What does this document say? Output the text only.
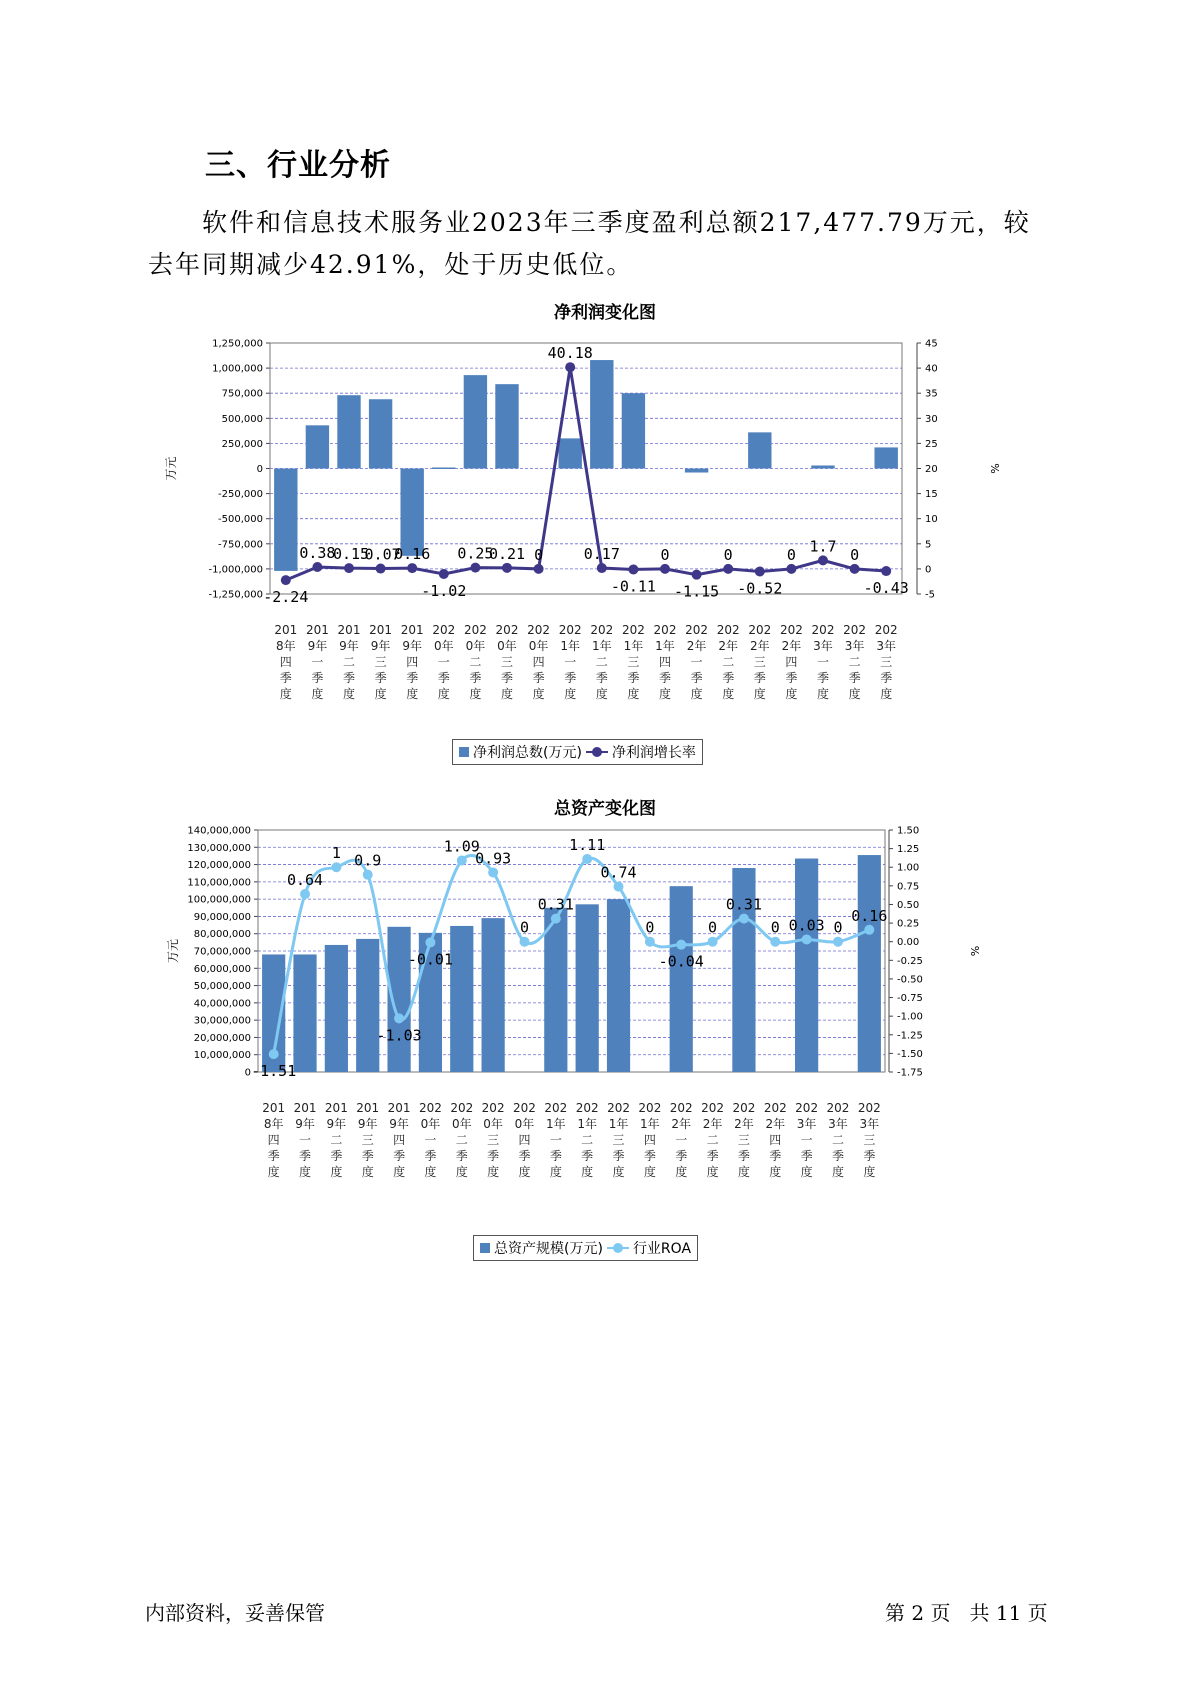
三、行业分析
软件和信息技术服务业2023年三季度盈利总额217,477.79万元，较去年同期减少42.91%，处于历史低位。
净利润变化图
1,250,000
1,000,000
750,000
500,000
250,000
0
-250,000
-500,000
-750,000
-1,000,000
-1,250,000
45
40
35
30
25
20
15
10
5
0
-5
万元	%
-2.24
0.38
0.15
0.07
0.16
-1.02
0.25
0.21 0
40.18
0.17
-0.11
0
-1.15
0
-0.52
0 1.7 0
-0.43
201 8年四季度
201 9年一季度
201 9年二季度
201 9年三季度
201 9年四季度
202 0年一季度
202 0年二季度
202 0年三季度
202 0年四季度
202 1年一季度
202 1年二季度
202 1年三季度
202 1年四季度
202 2年一季度
202 2年二季度
202 2年三季度
202 2年四季度
202 3年一季度
202 3年二季度
202 3年三季度
净利润总数(万元) 净利润增长率
总资产变化图
140,000,000
130,000,000
120,000,000
110,000,000
100,000,000
90,000,000
80,000,000
70,000,000
60,000,000
50,000,000
40,000,000
30,000,000
20,000,000
10,000,000
0
1.50
1.25
1.00
0.75
0.50
0.25
0.00
-0.25
-0.50
-0.75
-1.00
-1.25
-1.50
-1.75
万元	%
-1.51
0.64
1 0.9
-1.03
-0.01
1.09
0.93
0
0.31
1.11
0.74
0
-0.04
0
0.31
0 0.03 0
0.16
201 8年四季度
201 9年一季度
201 9年二季度
201 9年三季度
201 9年四季度
202 0年一季度
202 0年二季度
202 0年三季度
202 0年四季度
202 1年一季度
202 1年二季度
202 1年三季度
202 1年四季度
202 2年一季度
202 2年二季度
202 2年三季度
202 2年四季度
202 3年一季度
202 3年二季度
202 3年三季度
总资产规模(万元) 行业ROA
内部资料，妥善保管	第 2 页   共 11 页
